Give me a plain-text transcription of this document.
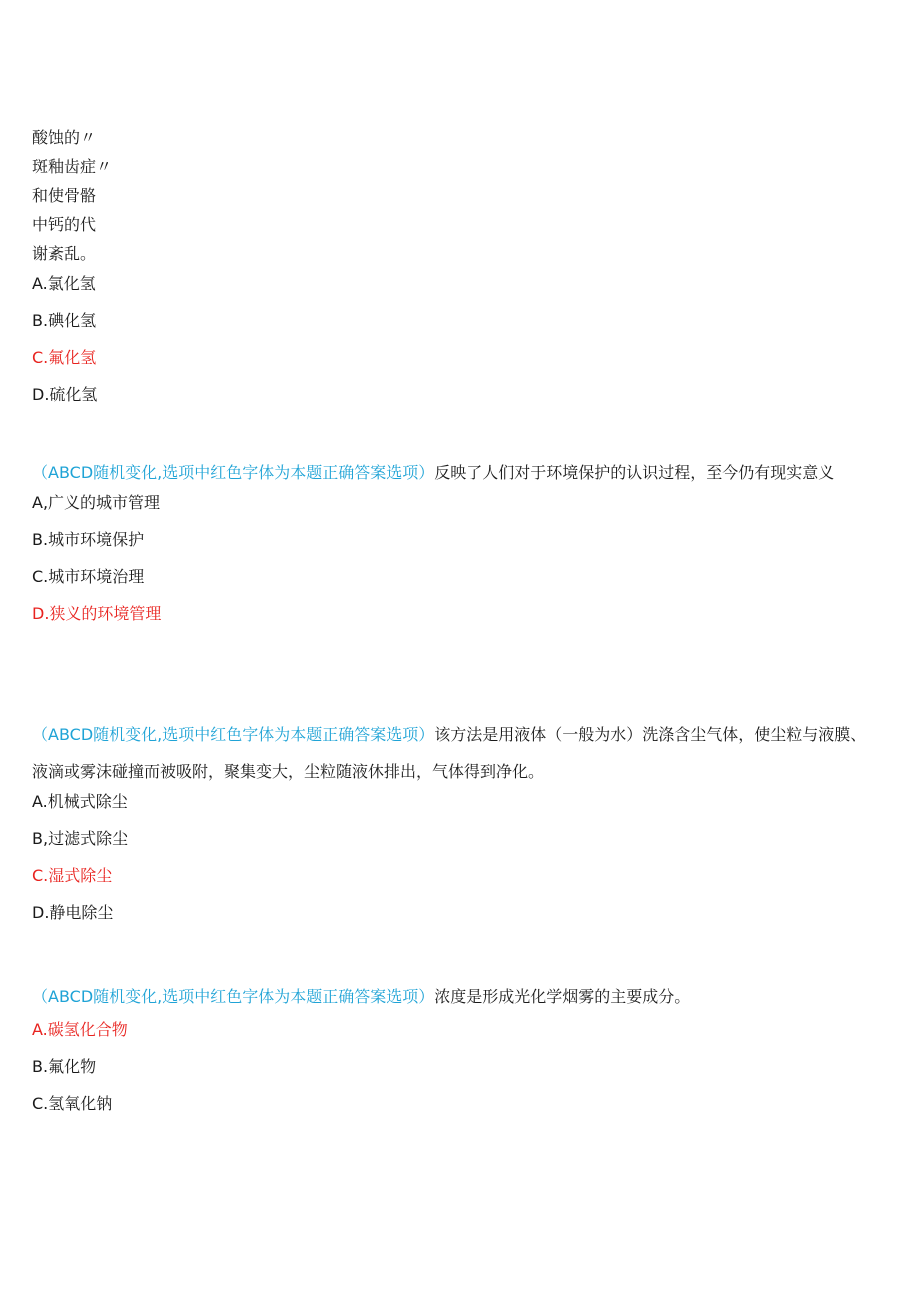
酸蚀的〃
斑釉齿症〃
和使骨骼
中钙的代
谢紊乱。
A.氯化氢
B.碘化氢
C.氟化氢
D.硫化氢

（ABCD随机变化,选项中红色字体为本题正确答案选项）反映了人们对于环境保护的认识过程，至今仍有现实意义

A,广义的城市管理
B.城市环境保护
C.城市环境治理
D.狭义的环境管理

（ABCD随机变化,选项中红色字体为本题正确答案选项）该方法是用液体（一般为水）洗涤含尘气体，使尘粒与液膜、液滴或雾沫碰撞而被吸附，聚集变大，尘粒随液休排出，气体得到净化。

A.机械式除尘
B,过滤式除尘
C.湿式除尘
D.静电除尘

（ABCD随机变化,选项中红色字体为本题正确答案选项）浓度是形成光化学烟雾的主要成分。

A.碳氢化合物
B.氟化物
C.氢氧化钠
